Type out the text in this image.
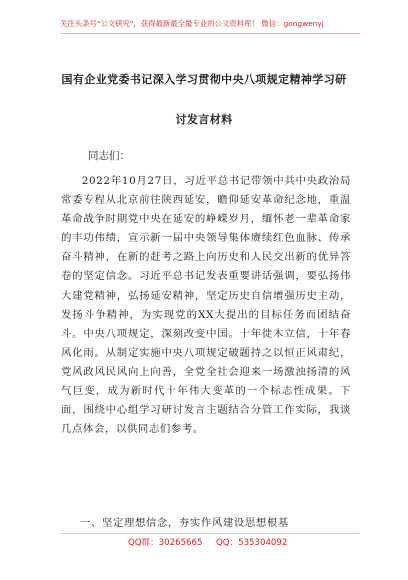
关注头条号"公文研究"，获得最新最全最专业的公文资料库！ 微信：gongwenyj
国有企业党委书记深入学习贯彻中央八项规定精神学习研
讨发言材料
同志们：

2022年10月27日，习近平总书记带领中共中央政治局常委专程从北京前往陕西延安，瞻仰延安革命纪念地，重温革命战争时期党中央在延安的峥嵘岁月，缅怀老一辈革命家的丰功伟绩，宣示新一届中央领导集体赓续红色血脉、传承奋斗精神，在新的赶考之路上向历史和人民交出新的优异答卷的坚定信念。习近平总书记发表重要讲话强调，要弘扬伟大建党精神，弘扬延安精神，坚定历史自信增强历史主动，发扬斗争精神，为实现党的XX大提出的目标任务而团结奋斗。中央八项规定，深刻改变中国。十年徙木立信，十年春风化雨。从制定实施中央八项规定破题持之以恒正风肃纪，党风政风民风向上向善，全党全社会迎来一场激浊扬清的风气巨变，成为新时代十年伟大变革的一个标志性成果。下面，围绕中心组学习研讨发言主题结合分管工作实际，我谈几点体会，以供同志们参考。

一、坚定理想信念，夯实作风建设思想根基
QQ群：30265665 QQ：535304092
